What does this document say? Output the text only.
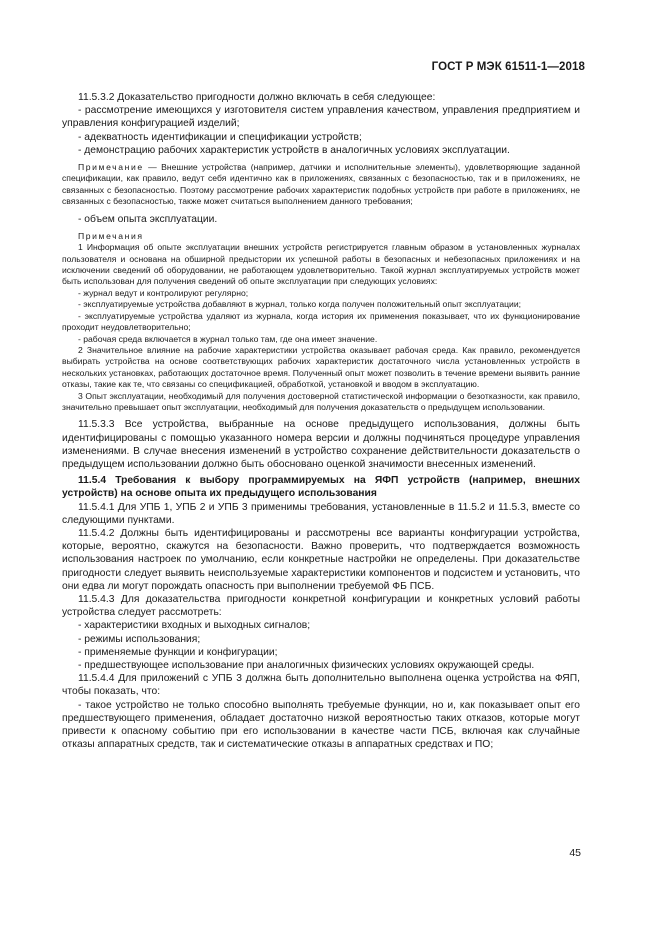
ГОСТ Р МЭК 61511-1—2018

11.5.3.2 Доказательство пригодности должно включать в себя следующее:

- рассмотрение имеющихся у изготовителя систем управления качеством, управления предприятием и управления конфигурацией изделий;

- адекватность идентификации и спецификации устройств;

- демонстрацию рабочих характеристик устройств в аналогичных условиях эксплуатации.

Примечание — Внешние устройства (например, датчики и исполнительные элементы), удовлетворяющие заданной спецификации, как правило, ведут себя идентично как в приложениях, связанных с безопасностью, так и в приложениях, не связанных с безопасностью. Поэтому рассмотрение рабочих характеристик подобных устройств при работе в приложениях, не связанных с безопасностью, также может считаться выполнением данного требования;

- объем опыта эксплуатации.

Примечания

1 Информация об опыте эксплуатации внешних устройств регистрируется главным образом в установленных журналах пользователя и основана на обширной предыстории их успешной работы в безопасных и небезопасных приложениях и на исключении сведений об оборудовании, не работающем удовлетворительно. Такой журнал эксплуатируемых устройств может быть использован для получения сведений об опыте эксплуатации при следующих условиях:

- журнал ведут и контролируют регулярно;

- эксплуатируемые устройства добавляют в журнал, только когда получен положительный опыт эксплуатации;

- эксплуатируемые устройства удаляют из журнала, когда история их применения показывает, что их функционирование проходит неудовлетворительно;

- рабочая среда включается в журнал только там, где она имеет значение.

2 Значительное влияние на рабочие характеристики устройства оказывает рабочая среда. Как правило, рекомендуется выбирать устройства на основе соответствующих рабочих характеристик достаточного числа установленных устройств в нескольких установках, работающих достаточное время. Полученный опыт может позволить в течение времени выявить ранние отказы, такие как те, что связаны со спецификацией, обработкой, установкой и вводом в эксплуатацию.

3 Опыт эксплуатации, необходимый для получения достоверной статистической информации о безотказности, как правило, значительно превышает опыт эксплуатации, необходимый для получения доказательств о предыдущем использовании.

11.5.3.3 Все устройства, выбранные на основе предыдущего использования, должны быть идентифицированы с помощью указанного номера версии и должны подчиняться процедуре управления изменениями. В случае внесения изменений в устройство сохранение действительности доказательств о предыдущем использовании должно быть обосновано оценкой значимости внесенных изменений.

11.5.4 Требования к выбору программируемых на ЯФП устройств (например, внешних устройств) на основе опыта их предыдущего использования

11.5.4.1 Для УПБ 1, УПБ 2 и УПБ 3 применимы требования, установленные в 11.5.2 и 11.5.3, вместе со следующими пунктами.

11.5.4.2 Должны быть идентифицированы и рассмотрены все варианты конфигурации устройства, которые, вероятно, скажутся на безопасности. Важно проверить, что подтверждается возможность использования настроек по умолчанию, если конкретные настройки не определены. При доказательстве пригодности следует выявить неиспользуемые характеристики компонентов и подсистем и установить, что они едва ли могут порождать опасность при выполнении требуемой ФБ ПСБ.

11.5.4.3 Для доказательства пригодности конкретной конфигурации и конкретных условий работы устройства следует рассмотреть:

- характеристики входных и выходных сигналов;

- режимы использования;

- применяемые функции и конфигурации;

- предшествующее использование при аналогичных физических условиях окружающей среды.

11.5.4.4 Для приложений с УПБ 3 должна быть дополнительно выполнена оценка устройства на ФЯП, чтобы показать, что:

- такое устройство не только способно выполнять требуемые функции, но и, как показывает опыт его предшествующего применения, обладает достаточно низкой вероятностью таких отказов, которые могут привести к опасному событию при его использовании в качестве части ПСБ, включая как случайные отказы аппаратных средств, так и систематические отказы в аппаратных средствах и ПО;

45
